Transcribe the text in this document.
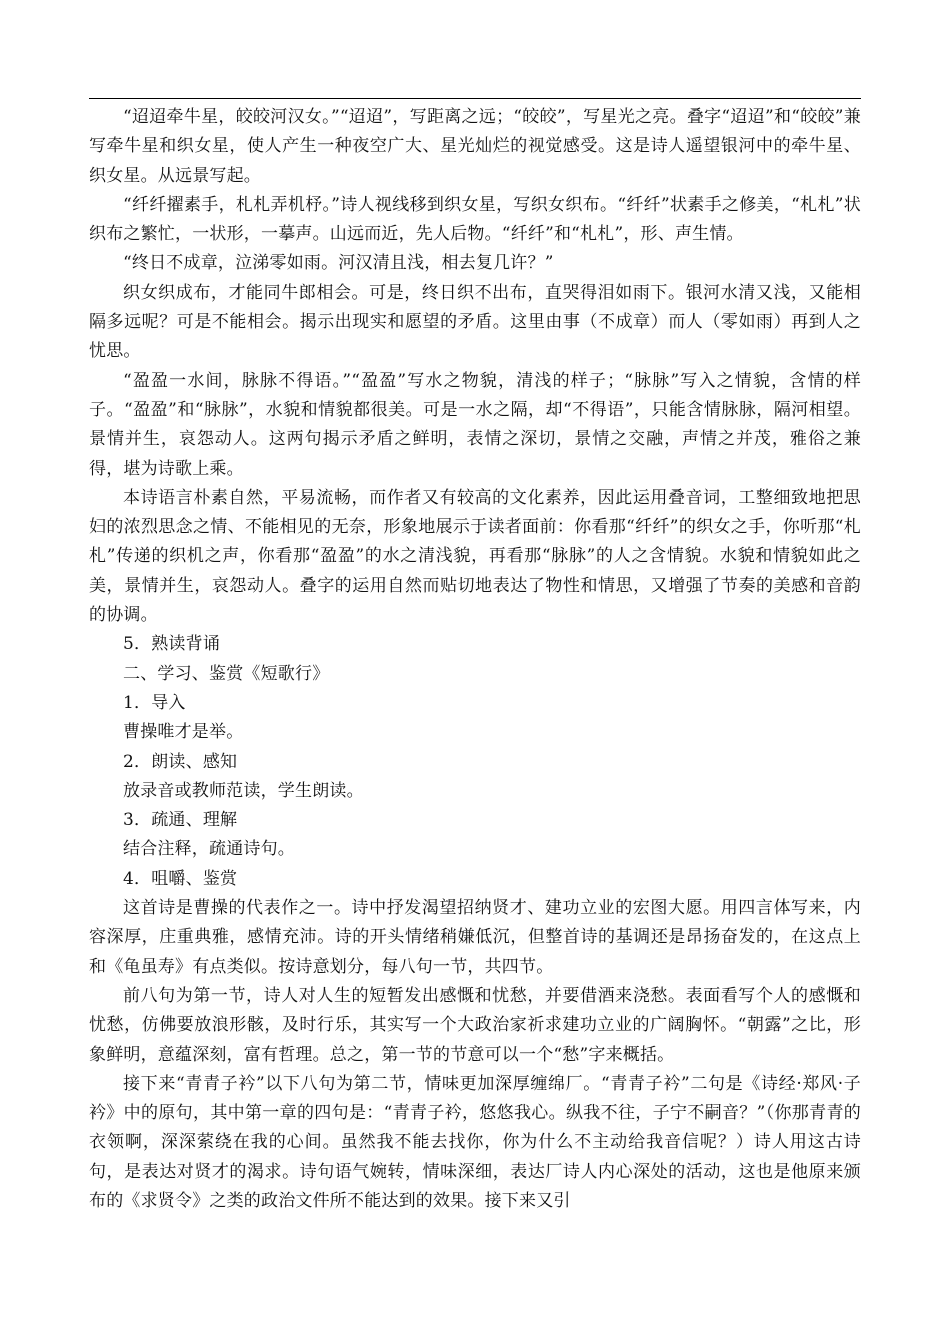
“迢迢牵牛星，皎皎河汉女。”“迢迢”，写距离之远；“皎皎”，写星光之亮。叠字“迢迢”和“皎皎”兼写牵牛星和织女星，使人产生一种夜空广大、星光灿烂的视觉感受。这是诗人遥望银河中的牵牛星、织女星。从远景写起。

“纤纤擢素手，札札弄机杼。”诗人视线移到织女星，写织女织布。“纤纤”状素手之修美，“札札”状织布之繁忙，一状形，一摹声。山远而近，先人后物。“纤纤”和“札札”，形、声生情。

“终日不成章，泣涕零如雨。河汉清且浅，相去复几许？”

织女织成布，才能同牛郎相会。可是，终日织不出布，直哭得泪如雨下。银河水清又浅，又能相隔多远呢？可是不能相会。揭示出现实和愿望的矛盾。这里由事（不成章）而人（零如雨）再到人之忧思。

“盈盈一水间，脉脉不得语。”“盈盈”写水之物貌，清浅的样子；“脉脉”写入之情貌，含情的样子。“盈盈”和“脉脉”，水貌和情貌都很美。可是一水之隔，却“不得语”，只能含情脉脉，隔河相望。景情并生，哀怨动人。这两句揭示矛盾之鲜明，表情之深切，景情之交融，声情之并茂，雅俗之兼得，堪为诗歌上乘。

本诗语言朴素自然，平易流畅，而作者又有较高的文化素养，因此运用叠音词，工整细致地把思妇的浓烈思念之情、不能相见的无奈，形象地展示于读者面前：你看那“纤纤”的织女之手，你听那“札札”传递的织机之声，你看那“盈盈”的水之清浅貌，再看那“脉脉”的人之含情貌。水貌和情貌如此之美，景情并生，哀怨动人。叠字的运用自然而贴切地表达了物性和情思，又增强了节奏的美感和音韵的协调。

5．熟读背诵

二、学习、鉴赏《短歌行》

1．导入

曹操唯才是举。

2．朗读、感知

放录音或教师范读，学生朗读。

3．疏通、理解

结合注释，疏通诗句。

4．咀嚼、鉴赏

这首诗是曹操的代表作之一。诗中抒发渴望招纳贤才、建功立业的宏图大愿。用四言体写来，内容深厚，庄重典雅，感情充沛。诗的开头情绪稍嫌低沉，但整首诗的基调还是昂扬奋发的，在这点上和《龟虽寿》有点类似。按诗意划分，每八句一节，共四节。

前八句为第一节，诗人对人生的短暂发出感慨和忧愁，并要借酒来浇愁。表面看写个人的感慨和忧愁，仿佛要放浪形骸，及时行乐，其实写一个大政治家祈求建功立业的广阔胸怀。“朝露”之比，形象鲜明，意蕴深刻，富有哲理。总之，第一节的节意可以一个“愁”字来概括。

接下来“青青子衿”以下八句为第二节，情味更加深厚缠绵厂。“青青子衿”二句是《诗经·郑风·子衿》中的原句，其中第一章的四句是：“青青子衿，悠悠我心。纵我不往，子宁不嗣音？”（你那青青的衣领啊，深深萦绕在我的心间。虽然我不能去找你，你为什么不主动给我音信呢？）诗人用这古诗句，是表达对贤才的渴求。诗句语气婉转，情味深细，表达厂诗人内心深处的活动，这也是他原来颁布的《求贤令》之类的政治文件所不能达到的效果。接下来又引
